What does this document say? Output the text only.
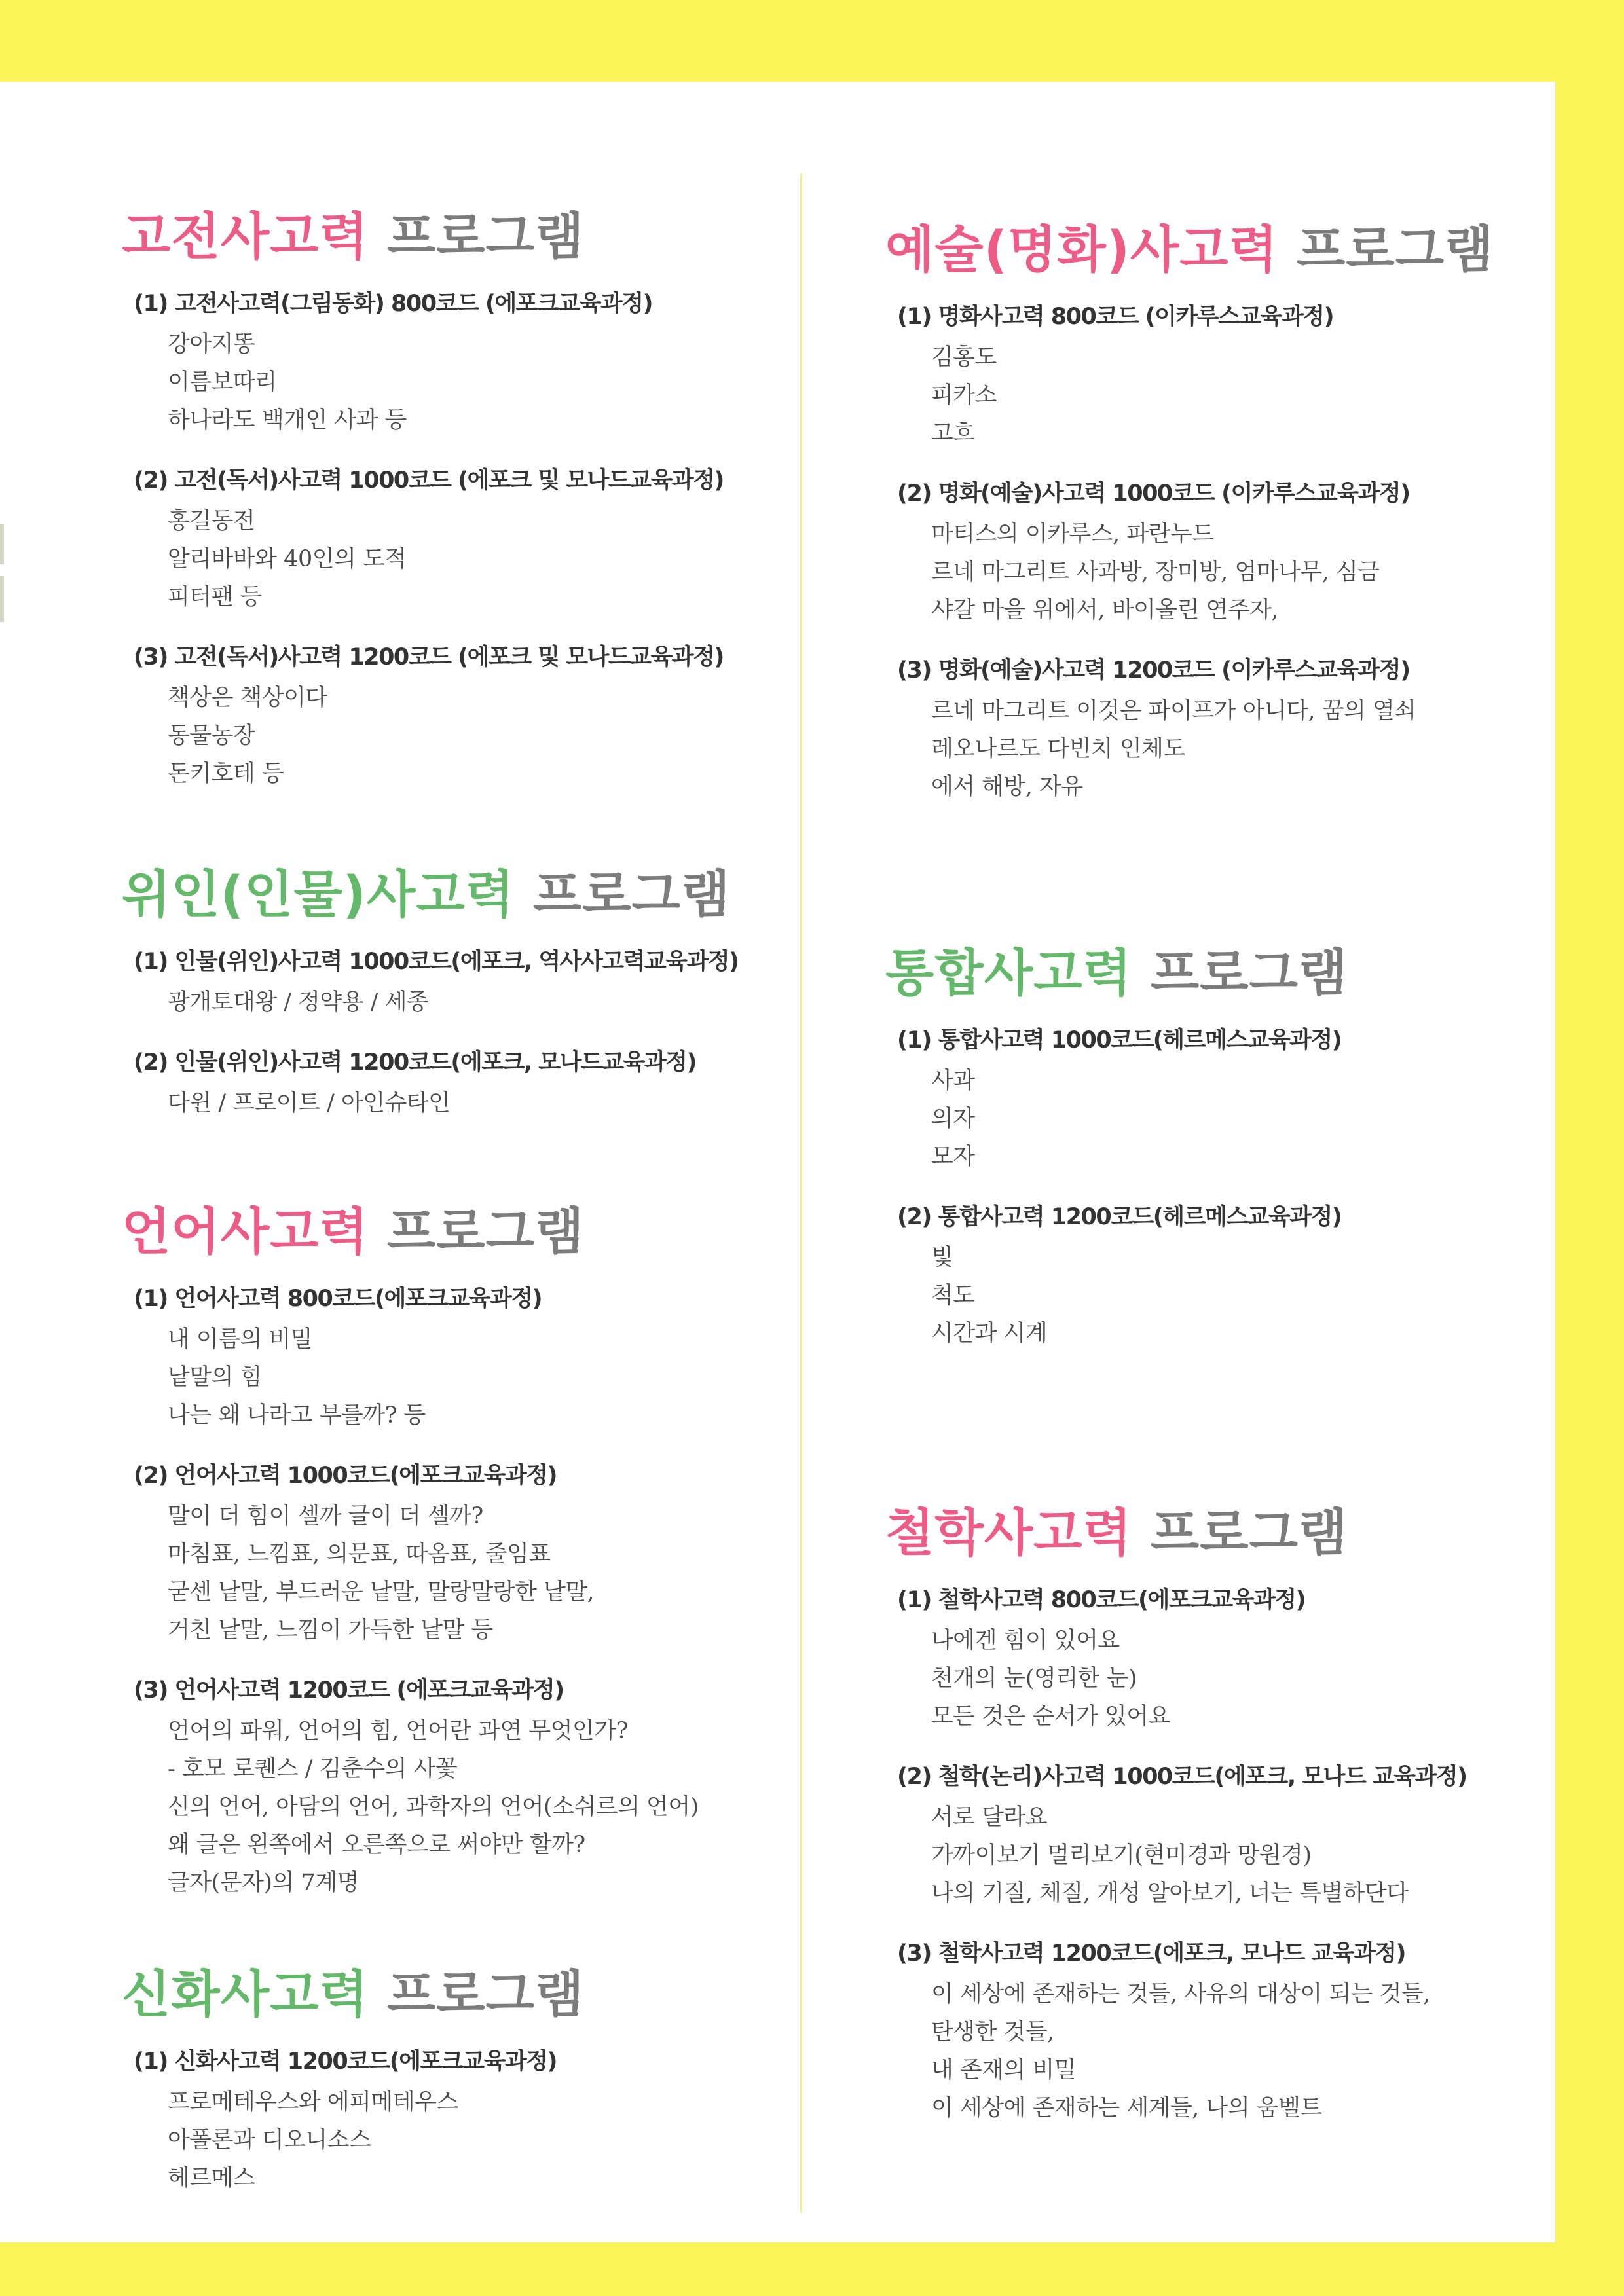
고전사고력 프로그램
(1) 고전사고력(그림동화) 800코드 (에포크교육과정)
강아지똥
이름보따리
하나라도 백개인 사과 등
(2) 고전(독서)사고력 1000코드 (에포크 및 모나드교육과정)
홍길동전
알리바바와 40인의 도적
피터팬 등
(3) 고전(독서)사고력 1200코드 (에포크 및 모나드교육과정)
책상은 책상이다
동물농장
돈키호테 등
위인(인물)사고력 프로그램
(1) 인물(위인)사고력 1000코드(에포크, 역사사고력교육과정)
광개토대왕 / 정약용 / 세종
(2) 인물(위인)사고력 1200코드(에포크, 모나드교육과정)
다윈 / 프로이트 / 아인슈타인
언어사고력 프로그램
(1) 언어사고력 800코드(에포크교육과정)
내 이름의 비밀
낱말의 힘
나는 왜 나라고 부를까? 등
(2) 언어사고력 1000코드(에포크교육과정)
말이 더 힘이 셀까 글이 더 셀까?
마침표, 느낌표, 의문표, 따옴표, 줄임표
굳센 낱말, 부드러운 낱말, 말랑말랑한 낱말,
거친 낱말, 느낌이 가득한 낱말 등
(3) 언어사고력 1200코드 (에포크교육과정)
언어의 파워, 언어의 힘, 언어란 과연 무엇인가?
- 호모 로퀜스 / 김춘수의 사꽃
신의 언어, 아담의 언어, 과학자의 언어(소쉬르의 언어)
왜 글은 왼쪽에서 오른쪽으로 써야만 할까?
글자(문자)의 7계명
신화사고력 프로그램
(1) 신화사고력 1200코드(에포크교육과정)
프로메테우스와 에피메테우스
아폴론과 디오니소스
헤르메스
예술(명화)사고력 프로그램
(1) 명화사고력 800코드 (이카루스교육과정)
김홍도
피카소
고흐
(2) 명화(예술)사고력 1000코드 (이카루스교육과정)
마티스의 이카루스, 파란누드
르네 마그리트 사과방, 장미방, 엄마나무, 심금
샤갈 마을 위에서, 바이올린 연주자,
(3) 명화(예술)사고력 1200코드 (이카루스교육과정)
르네 마그리트 이것은 파이프가 아니다, 꿈의 열쇠
레오나르도 다빈치 인체도
에서 해방, 자유
통합사고력 프로그램
(1) 통합사고력 1000코드(헤르메스교육과정)
사과
의자
모자
(2) 통합사고력 1200코드(헤르메스교육과정)
빛
척도
시간과 시계
철학사고력 프로그램
(1) 철학사고력 800코드(에포크교육과정)
나에겐 힘이 있어요
천개의 눈(영리한 눈)
모든 것은 순서가 있어요
(2) 철학(논리)사고력 1000코드(에포크, 모나드 교육과정)
서로 달라요
가까이보기 멀리보기(현미경과 망원경)
나의 기질, 체질, 개성 알아보기, 너는 특별하단다
(3) 철학사고력 1200코드(에포크, 모나드 교육과정)
이 세상에 존재하는 것들, 사유의 대상이 되는 것들,
탄생한 것들,
내 존재의 비밀
이 세상에 존재하는 세계들, 나의 움벨트
